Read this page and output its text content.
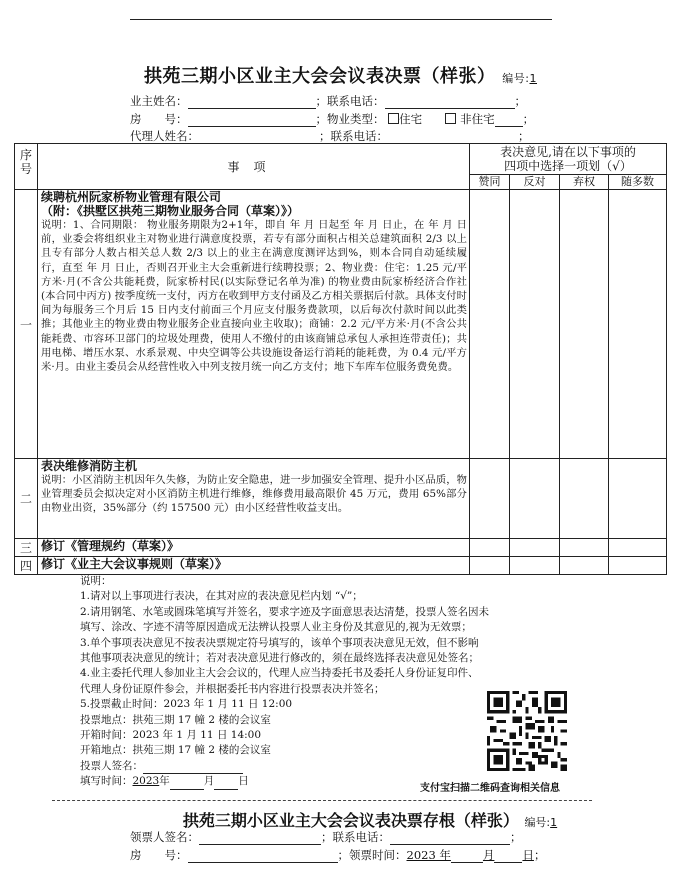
拱苑三期小区业主大会会议表决票（样张） 编号:1
业主姓名：	；联系电话：	；
房　　号：	；物业类型： 住宅	非住宅 ；
代理人姓名：	；联系电话：	；
序号	事项	表决意见,请在以下事项的
四项中选择一项划（√）			

		赞同	反对	弃权	随多数
一	续聘杭州阮家桥物业管理有限公司
（附：《拱墅区拱苑三期物业服务合同（草案）》）
说明：1、合同期限： 物业服务期限为2+1年，即自 年 月 日起至 年 月 日止，在 年 月 日前，业委会将组织业主对物业进行满意度投票，若专有部分面积占相关总建筑面积 2/3 以上且专有部分人数占相关总人数 2/3 以上的业主在满意度测评达到%，则本合同自动延续履行，直至 年 月 日止，否则召开业主大会重新进行续聘投票；2、物业费：住宅：1.25 元/平方米·月(不含公共能耗费，阮家桥村民(以实际登记名单为准) 的物业费由阮家桥经济合作社(本合同中丙方) 按季度统一支付，丙方在收到甲方支付函及乙方相关票据后付款。具体支付时间为每服务三个月后 15 日内支付前面三个月应支付服务费款项，以后每次付款时间以此类推；其他业主的物业费由物业服务企业直接向业主收取)；商铺：2.2 元/平方米·月(不含公共能耗费、市容环卫部门的垃圾处理费，使用人不缴付的由该商铺总承包人承担连带责任)；共用电梯、增压水泵、水系景观、中央空调等公共设施设备运行消耗的能耗费，为 0.4 元/平方米·月。由业主委员会从经营性收入中列支按月统一向乙方支付；地下车库车位服务费免费。				

二	表决维修消防主机
说明：小区消防主机因年久失修，为防止安全隐患，进一步加强安全管理、提升小区品质，物业管理委员会拟决定对小区消防主机进行维修，维修费用最高限价 45 万元，费用 65%部分由物业出资，35%部分（约 157500 元）由小区经营性收益支出。				

三	修订《管理规约（草案）》				

四	修订《业主大会议事规则（草案）》				

说明：
1.请对以上事项进行表决，在其对应的表决意见栏内划 “√”；
2.请用钢笔、水笔或圆珠笔填写并签名，要求字迹及字面意思表达清楚，投票人签名因未
填写、涂改、字迹不清等原因造成无法辨认投票人业主身份及其意见的,视为无效票；
3.单个事项表决意见不按表决票规定符号填写的，该单个事项表决意见无效，但不影响
其他事项表决意见的统计；若对表决意见进行修改的，须在最终选择表决意见处签名；
4.业主委托代理人参加业主大会会议的，代理人应当持委托书及委托人身份证复印件、
代理人身份证原件参会，并根据委托书内容进行投票表决并签名；
5.投票截止时间：2023 年 1 月 11 日 12:00
投票地点：拱苑三期 17 幢 2 楼的会议室
开箱时间：2023 年 1 月 11 日 14:00
开箱地点：拱苑三期 17 幢 2 楼的会议室
投票人签名：
填写时间：2023年	月 日
支付宝扫描二维码查询相关信息
拱苑三期小区业主大会会议表决票存根（样张） 编号:1
领票人签名：	；联系电话：	；
房　　号：	；领票时间：2023 年	月 日；
